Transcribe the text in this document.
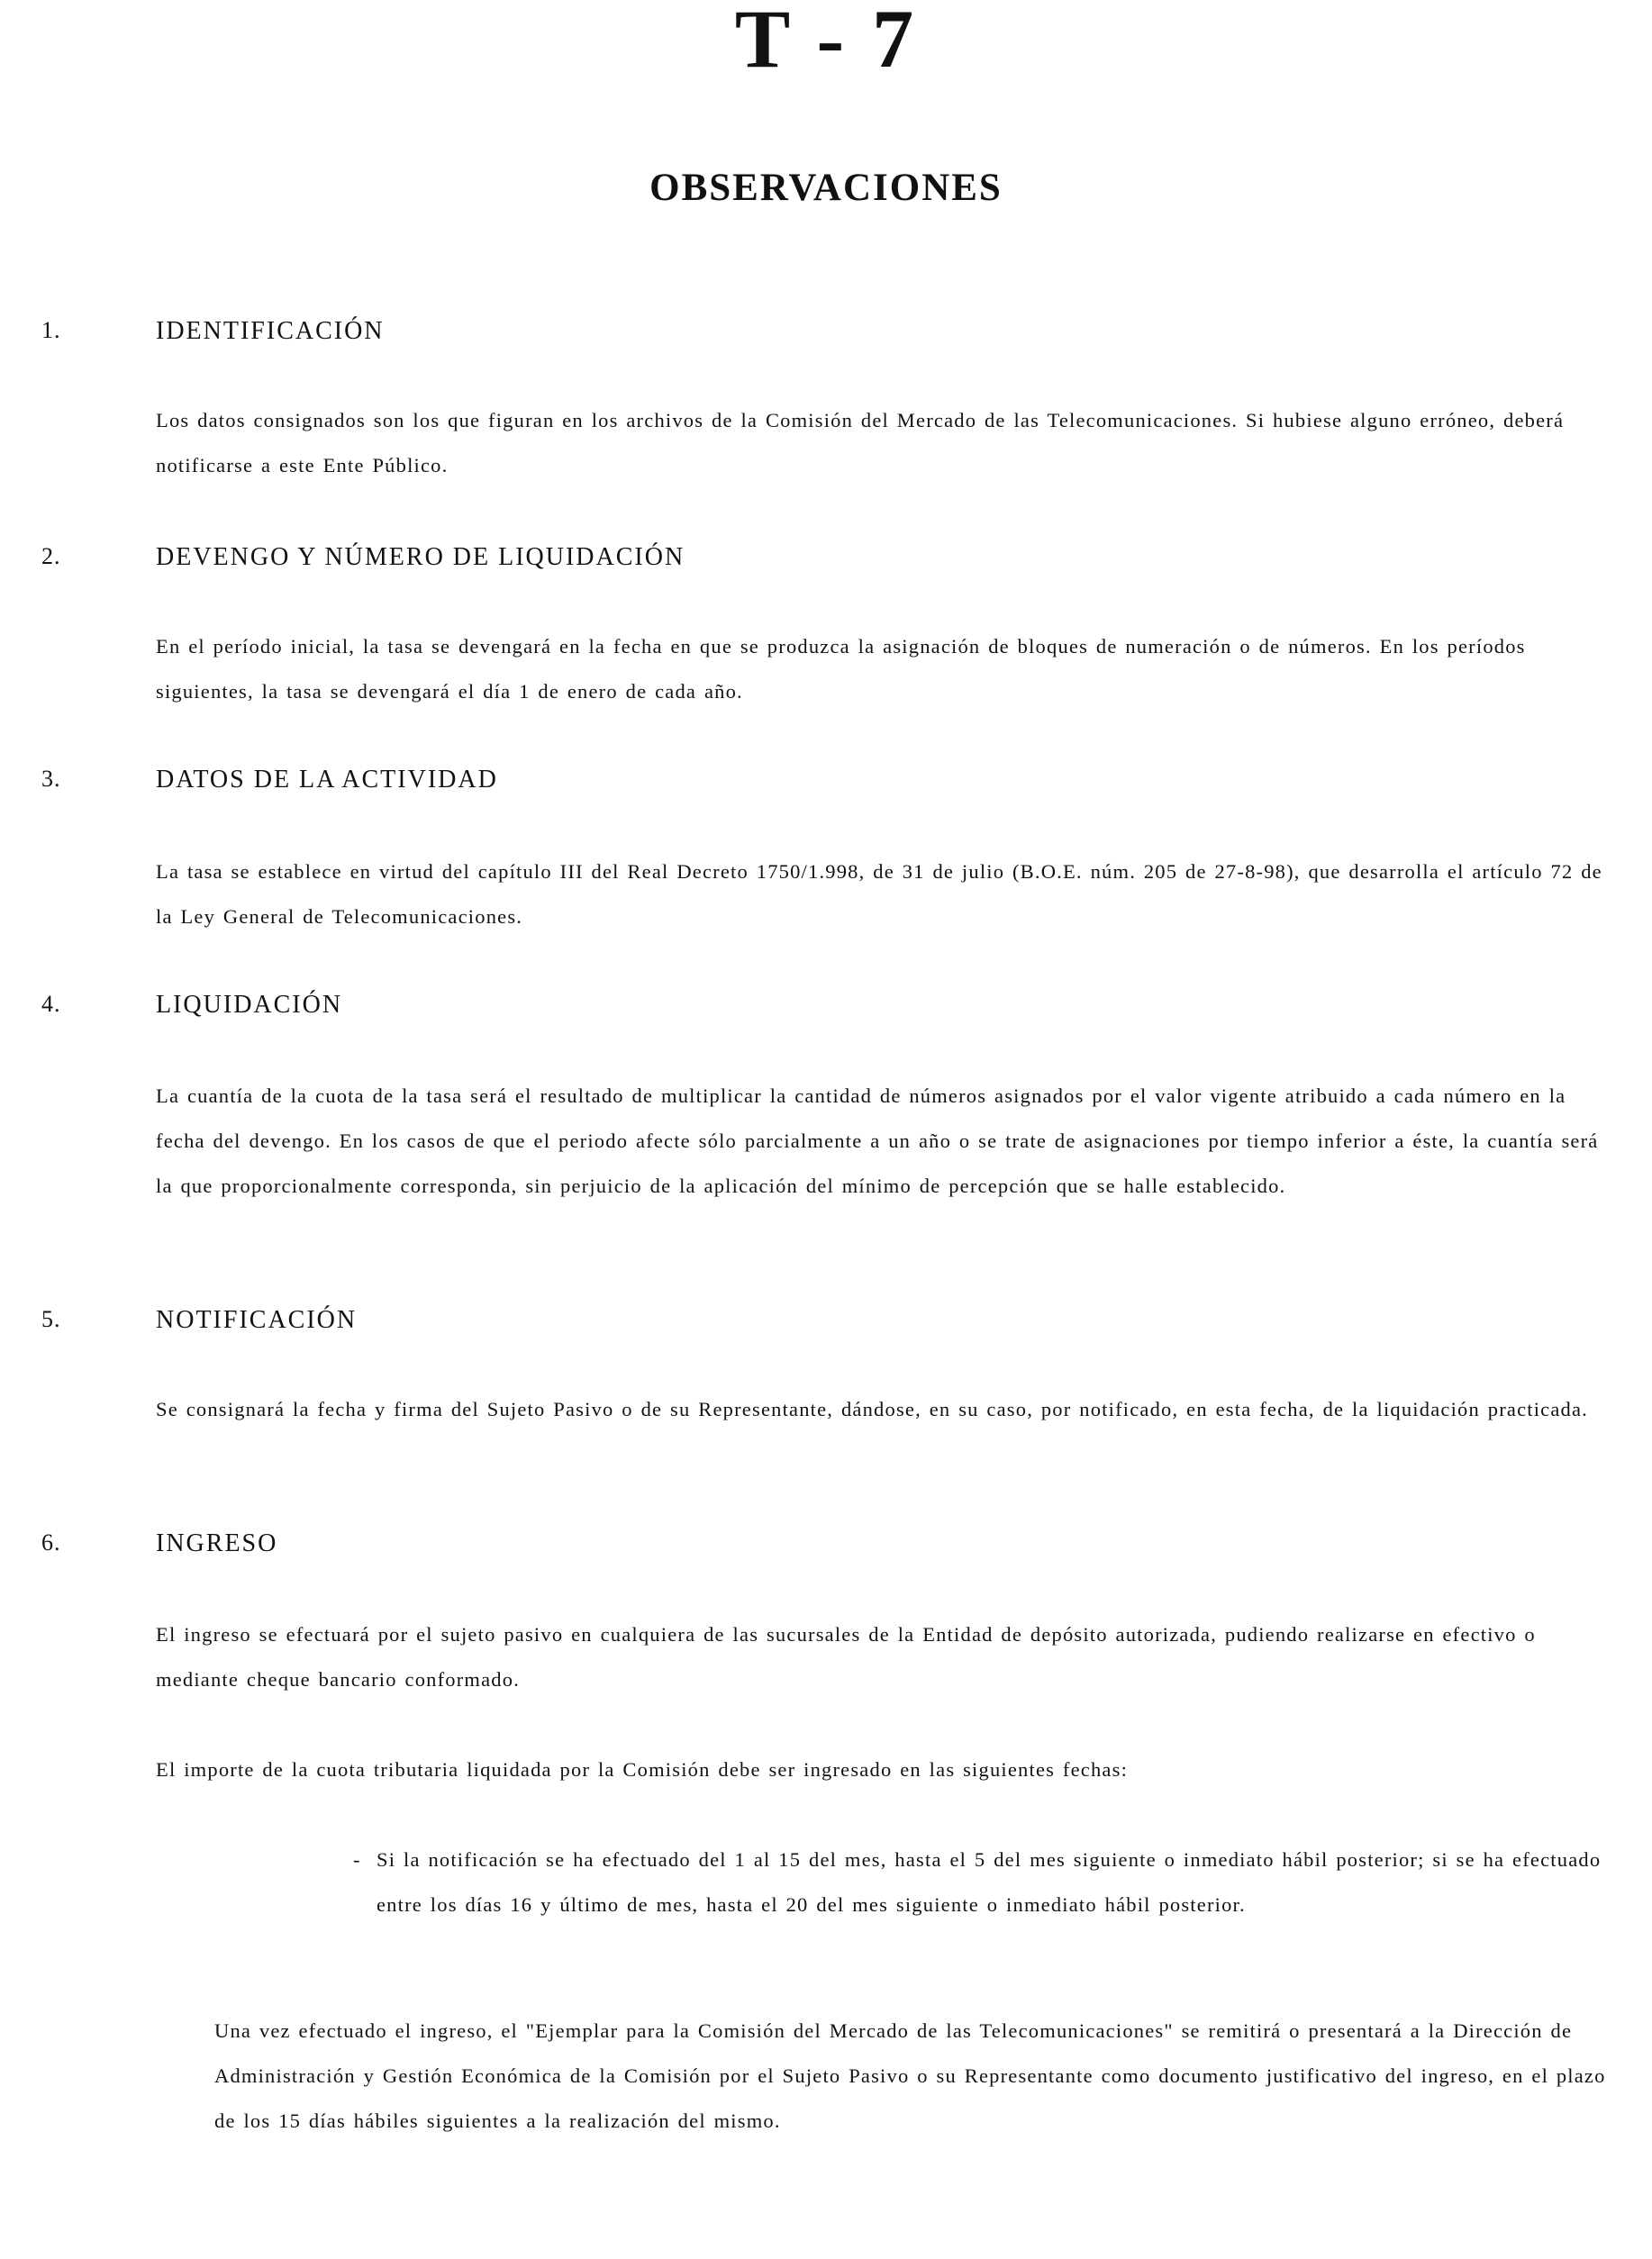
T - 7
OBSERVACIONES
1.	IDENTIFICACIÓN

Los datos consignados son los que figuran en los archivos de la Comisión del Mercado de las Telecomunicaciones. Si hubiese alguno erróneo, deberá notificarse a este Ente Público.

2.	DEVENGO Y NÚMERO DE LIQUIDACIÓN

En el período inicial, la tasa se devengará en la fecha en que se produzca la asignación de bloques de numeración o de números. En los períodos siguientes, la tasa se devengará el día 1 de enero de cada año.

3.	DATOS DE LA ACTIVIDAD

La tasa se establece en virtud del capítulo III del Real Decreto 1750/1.998, de 31 de julio (B.O.E. núm. 205 de 27-8-98), que desarrolla el artículo 72 de la Ley General de Telecomunicaciones.

4.	LIQUIDACIÓN

La cuantía de la cuota de la tasa será el resultado de multiplicar la cantidad de números asignados por el valor vigente atribuido a cada número en la fecha del devengo. En los casos de que el periodo afecte sólo parcialmente a un año o se trate de asignaciones por tiempo inferior a éste, la cuantía será la que proporcionalmente corresponda, sin perjuicio de la aplicación del mínimo de percepción que se halle establecido.

5.	NOTIFICACIÓN

Se consignará la fecha y firma del Sujeto Pasivo o de su Representante, dándose, en su caso, por notificado, en esta fecha, de la liquidación practicada.

6.	INGRESO

El ingreso se efectuará por el sujeto pasivo en cualquiera de las sucursales de la Entidad de depósito autorizada, pudiendo realizarse en efectivo o mediante cheque bancario conformado.

El importe de la cuota tributaria liquidada por la Comisión debe ser ingresado en las siguientes fechas:

- Si la notificación se ha efectuado del 1 al 15 del mes, hasta el 5 del mes siguiente o inmediato hábil posterior; si se ha efectuado entre los días 16 y último de mes, hasta el 20 del mes siguiente o inmediato hábil posterior.

Una vez efectuado el ingreso, el "Ejemplar para la Comisión del Mercado de las Telecomunicaciones" se remitirá o presentará a la Dirección de Administración y Gestión Económica de la Comisión por el Sujeto Pasivo o su Representante como documento justificativo del ingreso, en el plazo de los 15 días hábiles siguientes a la realización del mismo.
